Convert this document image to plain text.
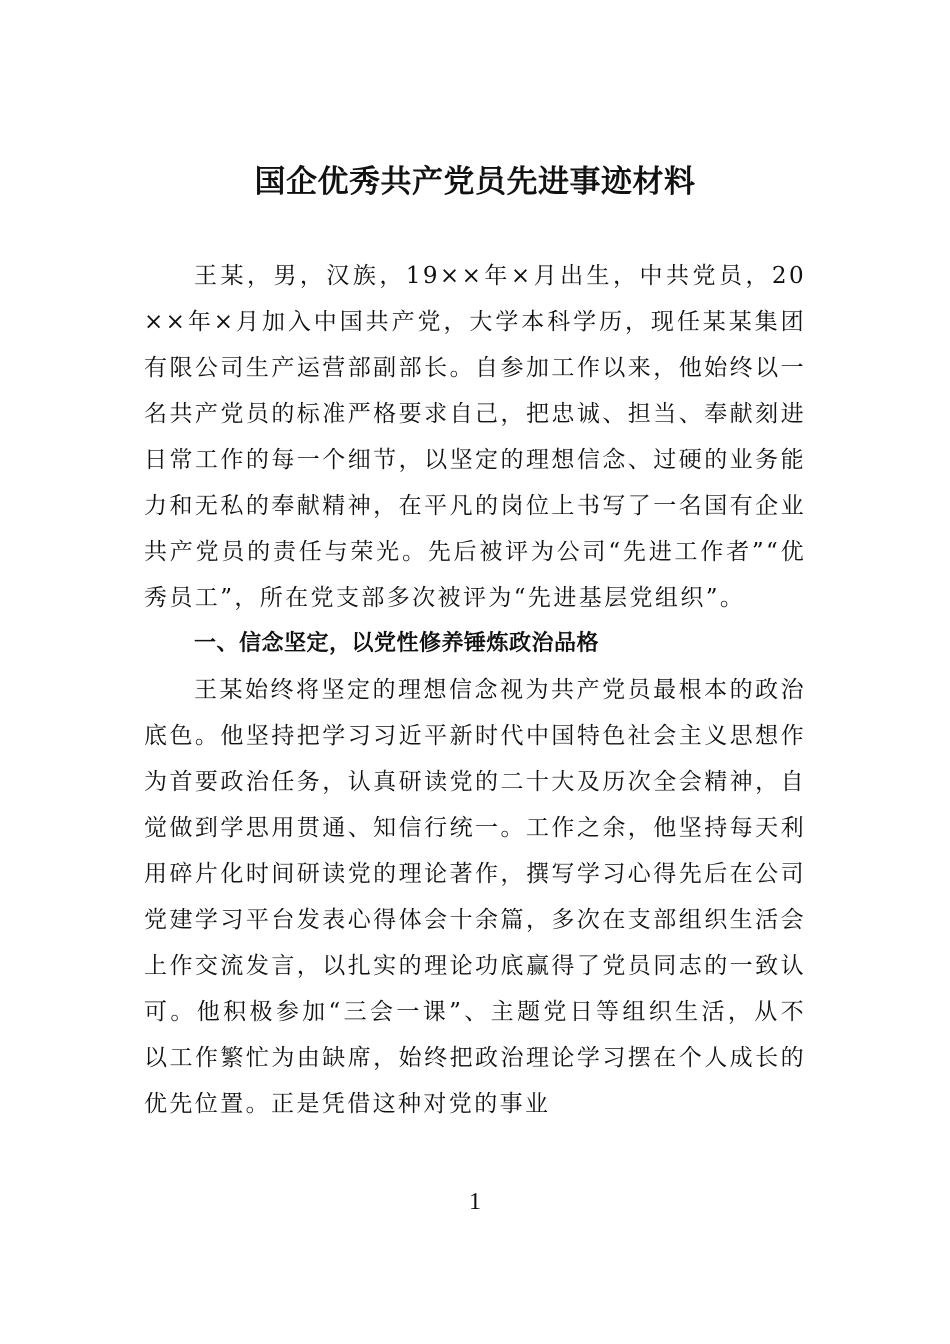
国企优秀共产党员先进事迹材料

王某，男，汉族，19××年×月出生，中共党员，20××年×月加入中国共产党，大学本科学历，现任某某集团有限公司生产运营部副部长。自参加工作以来，他始终以一名共产党员的标准严格要求自己，把忠诚、担当、奉献刻进日常工作的每一个细节，以坚定的理想信念、过硬的业务能力和无私的奉献精神，在平凡的岗位上书写了一名国有企业共产党员的责任与荣光。先后被评为公司“先进工作者”“优秀员工”，所在党支部多次被评为“先进基层党组织”。

一、信念坚定，以党性修养锤炼政治品格

王某始终将坚定的理想信念视为共产党员最根本的政治底色。他坚持把学习习近平新时代中国特色社会主义思想作为首要政治任务，认真研读党的二十大及历次全会精神，自觉做到学思用贯通、知信行统一。工作之余，他坚持每天利用碎片化时间研读党的理论著作，撰写学习心得先后在公司党建学习平台发表心得体会十余篇，多次在支部组织生活会上作交流发言，以扎实的理论功底赢得了党员同志的一致认可。他积极参加“三会一课”、主题党日等组织生活，从不以工作繁忙为由缺席，始终把政治理论学习摆在个人成长的优先位置。正是凭借这种对党的事业

1
